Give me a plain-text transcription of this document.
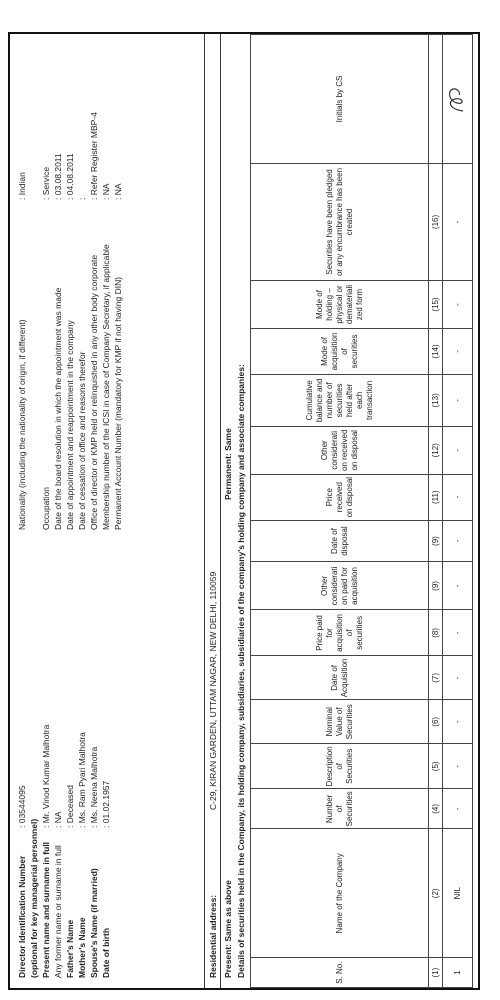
Director Identification Number
: 03544095
(optional for key managerial personnel) Present name and surname in full
: Mr. Vinod Kumar Malhotra
Any former name or surname in full
: NA
Father's Name
: Deceased
Mother's Name
: Ms. Ram Pyari Malhotra
Spouse's Name (if married)
: Ms. Neena Malhotra
Date of birth
: 01.02.1957
Nationality (including the nationality of origin, if different)
: Indian
Occupation
: Service
Date of the board resolution in which the appointment was made
: 03.08.2011
Date of appointment and reappointment in the company
: 04.08.2011
Date of cessation of office and reasons therefor
:
Office of director or KMP held or relinquished in any other body corporate
: Refer Register MBP-4
Membership number of the ICSI in case of Company Secretary, if applicable
: NA
Permanent Account Number (mandatory for KMP if not having DIN)
: NA
Residential address:
C-29, KIRAN GARDEN, UTTAM NAGAR, NEW DELHI, 110059
Present: Same as above
Permanent: Same Details of securities held in the Company, its holding company, subsidiaries, subsidiaries of the company's holding company and associate companies:	S. No.	Name of the Company	Number of Securities	Description of Securities	Nominal Value of Securities	Date of Acquisition	Price paid for acquisition of securities	Other considerati on paid for acquisition	Date of disposal	Price received on disposal	Other considerati on received on disposal	Cumulative balance and number of securities held after each transaction	Mode of acquisition of securities	Mode of holding – physical or demateriali zed form	Securities have been pledged or any encumbrance has been created	Initials by CS
(1)	(2)	(4)	(5)	(6)	(7)	(8)	(9)	(9)	(11)	(12)	(13)	(14)	(15)	(16)	
1	NIL	-	-	-	-	-	-	-	-	-	-	-	-	-	
